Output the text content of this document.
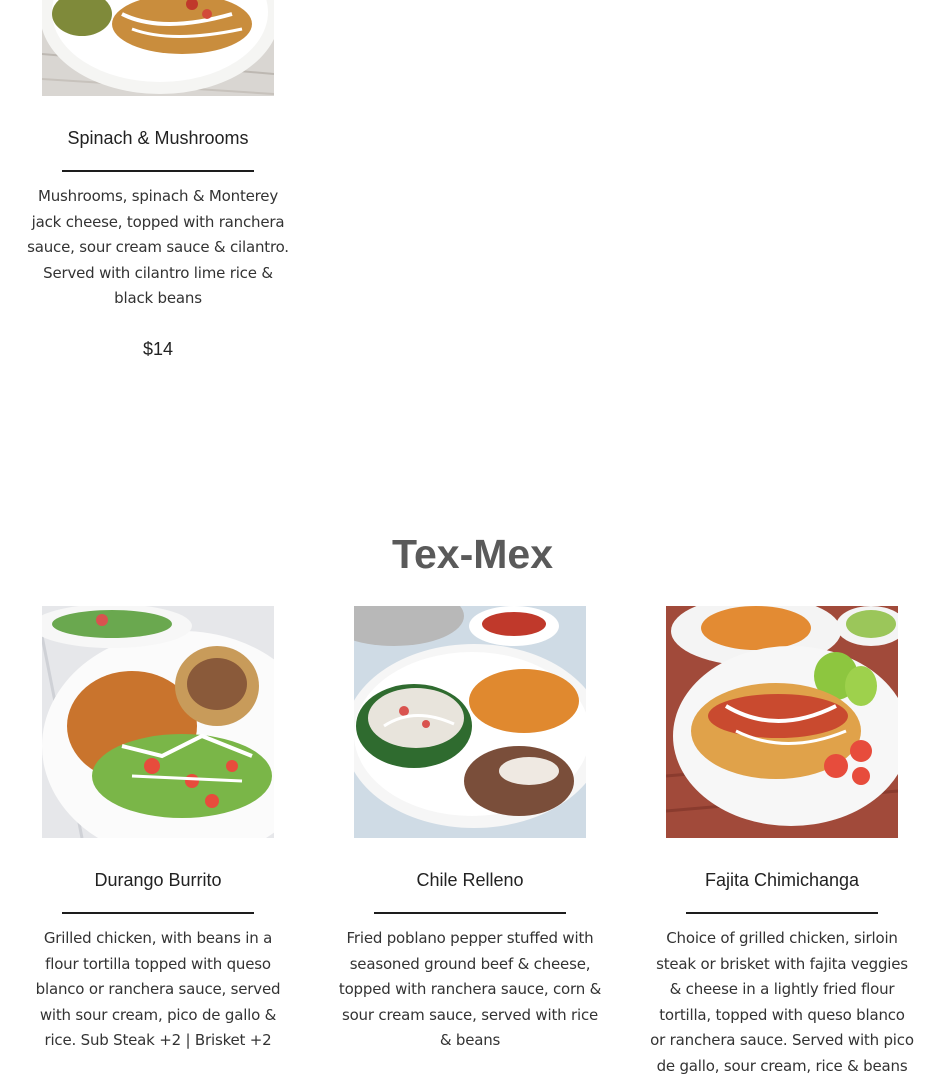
Spinach & Mushrooms
Mushrooms, spinach & Monterey jack cheese, topped with ranchera sauce, sour cream sauce & cilantro. Served with cilantro lime rice & black beans
$14
Tex-Mex
Durango Burrito
Grilled chicken, with beans in a flour tortilla topped with queso blanco or ranchera sauce, served with sour cream, pico de gallo & rice. Sub Steak +2 | Brisket +2
Chile Relleno
Fried poblano pepper stuffed with seasoned ground beef & cheese, topped with ranchera sauce, corn & sour cream sauce, served with rice & beans
Fajita Chimichanga
Choice of grilled chicken, sirloin steak or brisket with fajita veggies & cheese in a lightly fried flour tortilla, topped with queso blanco or ranchera sauce. Served with pico de gallo, sour cream, rice & beans
